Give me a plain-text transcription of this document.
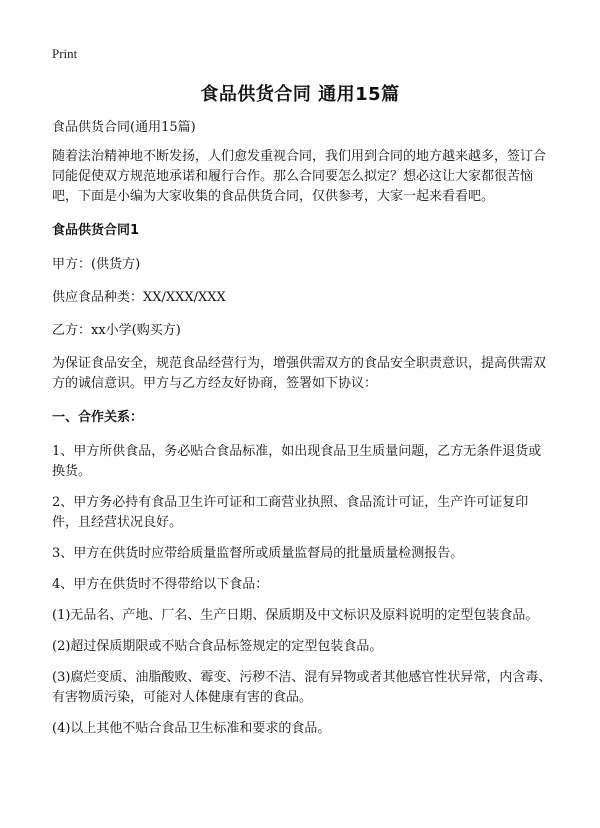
Print
食品供货合同 通用15篇

食品供货合同(通用15篇)

随着法治精神地不断发扬，人们愈发重视合同，我们用到合同的地方越来越多，签订合同能促使双方规范地承诺和履行合作。那么合同要怎么拟定？想必这让大家都很苦恼吧，下面是小编为大家收集的食品供货合同，仅供参考，大家一起来看看吧。

食品供货合同1

甲方：(供货方)

供应食品种类：XX/XXX/XXX

乙方：xx小学(购买方)

为保证食品安全，规范食品经营行为，增强供需双方的食品安全职责意识，提高供需双方的诚信意识。甲方与乙方经友好协商，签署如下协议：

一、合作关系：

1、甲方所供食品，务必贴合食品标准，如出现食品卫生质量问题，乙方无条件退货或换货。

2、甲方务必持有食品卫生许可证和工商营业执照、食品流计可证，生产许可证复印件，且经营状况良好。

3、甲方在供货时应带给质量监督所或质量监督局的批量质量检测报告。

4、甲方在供货时不得带给以下食品：

(1)无品名、产地、厂名、生产日期、保质期及中文标识及原料说明的定型包装食品。

(2)超过保质期限或不贴合食品标签规定的定型包装食品。

(3)腐烂变质、油脂酸败、霉变、污秽不洁、混有异物或者其他感官性状异常，内含毒、有害物质污染，可能对人体健康有害的食品。

(4)以上其他不贴合食品卫生标准和要求的食品。
